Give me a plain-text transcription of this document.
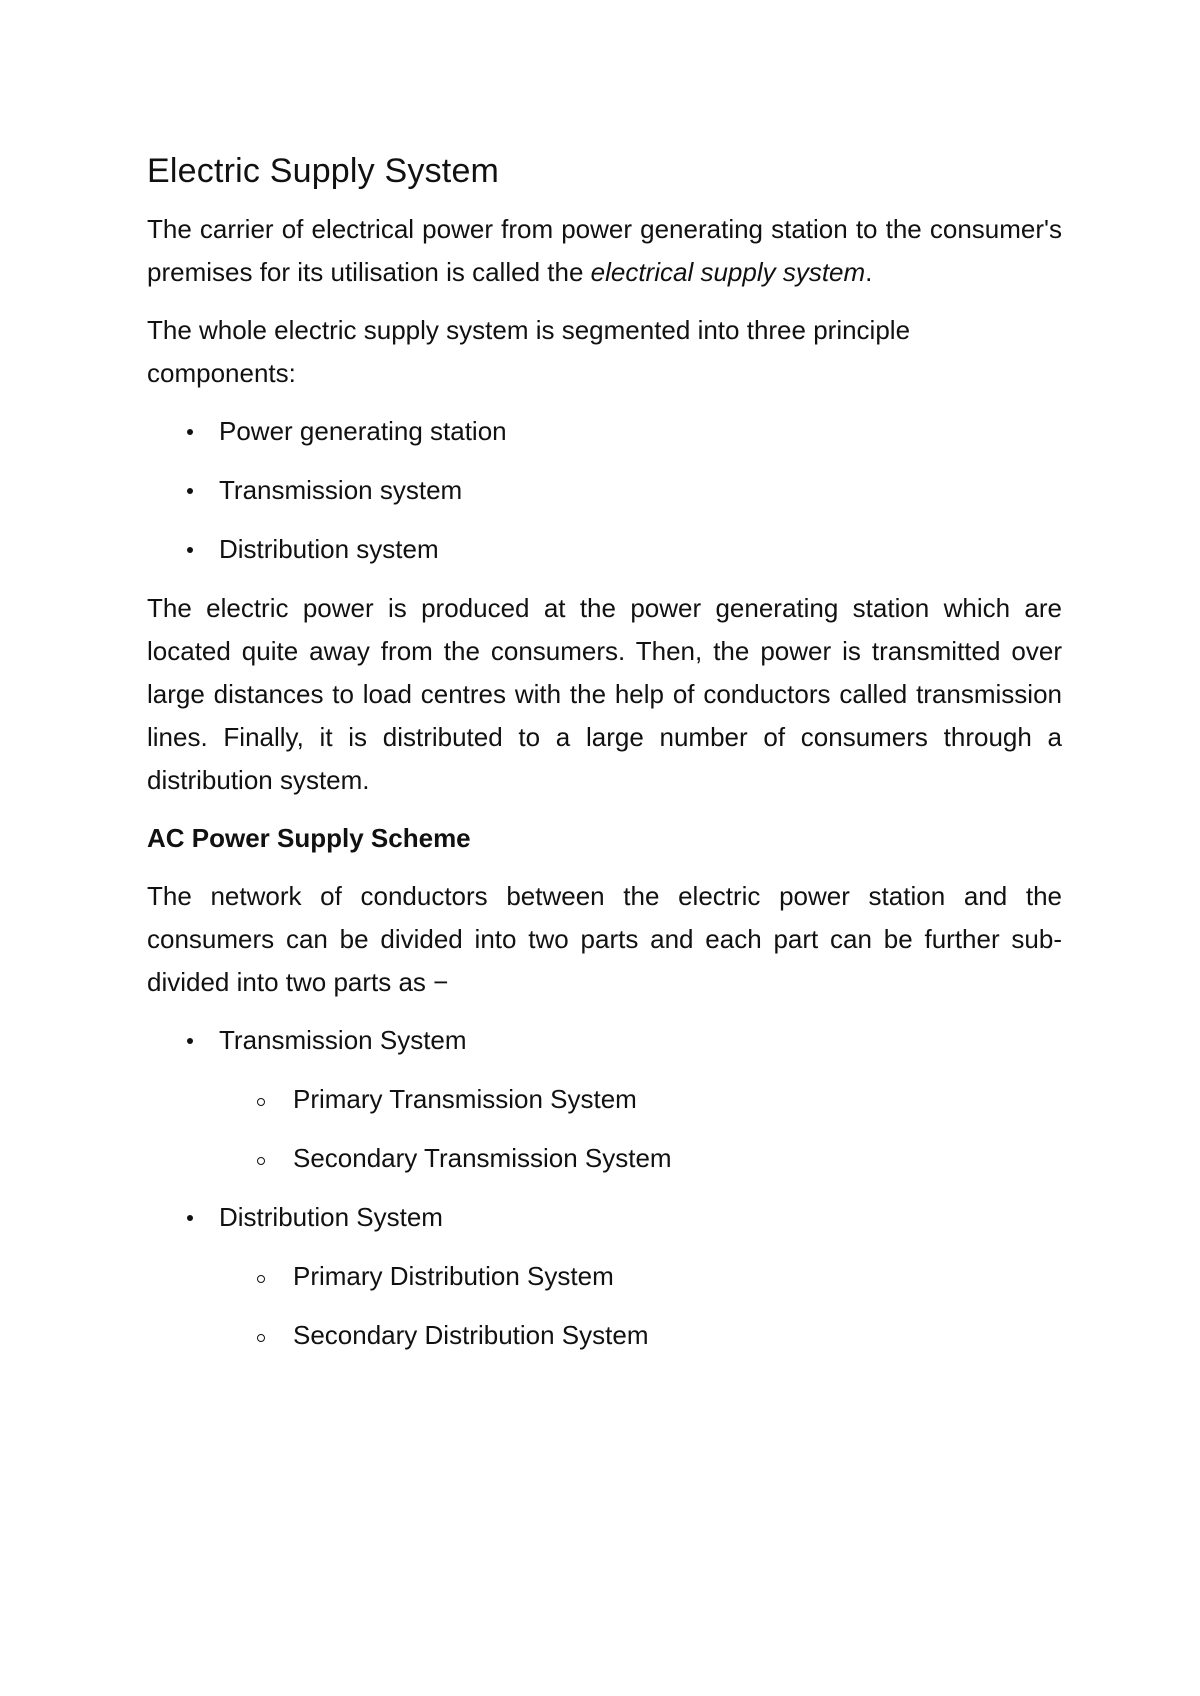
Electric Supply System

The carrier of electrical power from power generating station to the consumer's premises for its utilisation is called the electrical supply system.

The whole electric supply system is segmented into three principle components:

Power generating station
Transmission system
Distribution system

The electric power is produced at the power generating station which are located quite away from the consumers. Then, the power is transmitted over large distances to load centres with the help of conductors called transmission lines. Finally, it is distributed to a large number of consumers through a distribution system.

AC Power Supply Scheme

The network of conductors between the electric power station and the consumers can be divided into two parts and each part can be further sub-divided into two parts as −

Transmission System
Primary Transmission System
Secondary Transmission System
Distribution System
Primary Distribution System
Secondary Distribution System
